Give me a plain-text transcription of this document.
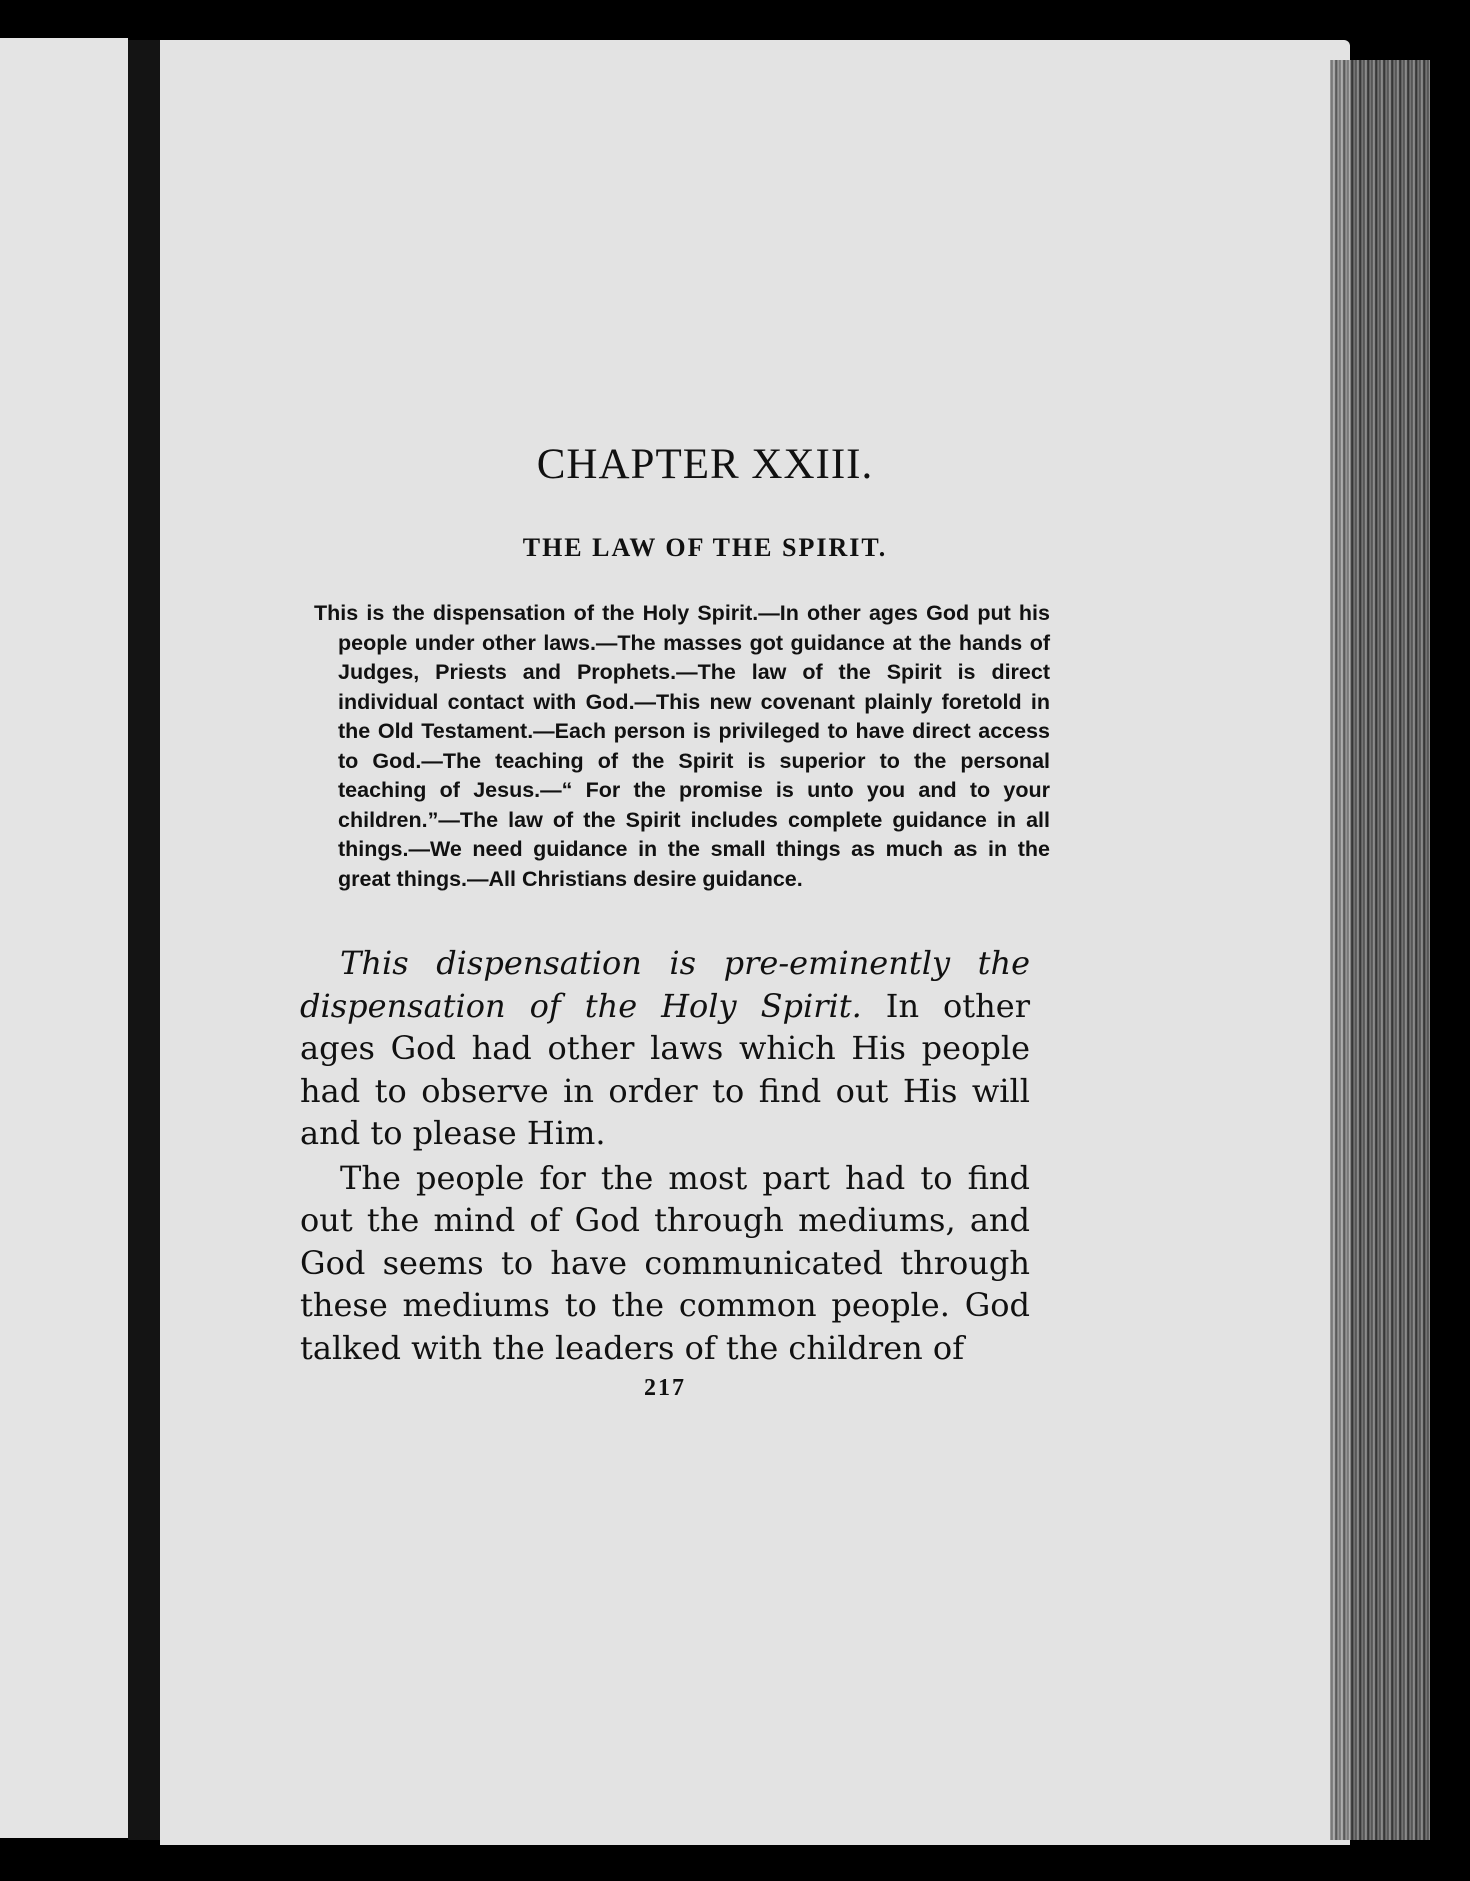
CHAPTER XXIII.
THE LAW OF THE SPIRIT.

This is the dispensation of the Holy Spirit.—In other ages God put his people under other laws.—The masses got guidance at the hands of Judges, Priests and Prophets.—The law of the Spirit is direct individual contact with God.—This new covenant plainly foretold in the Old Testament.—Each person is privileged to have direct access to God.—The teaching of the Spirit is superior to the personal teaching of Jesus.—“ For the promise is unto you and to your children.”—The law of the Spirit includes complete guidance in all things.—We need guidance in the small things as much as in the great things.—All Christians desire guidance.

This dispensation is pre-eminently the dispensation of the Holy Spirit. In other ages God had other laws which His people had to observe in order to find out His will and to please Him.

The people for the most part had to find out the mind of God through mediums, and God seems to have communicated through these mediums to the common people. God talked with the leaders of the children of

217
